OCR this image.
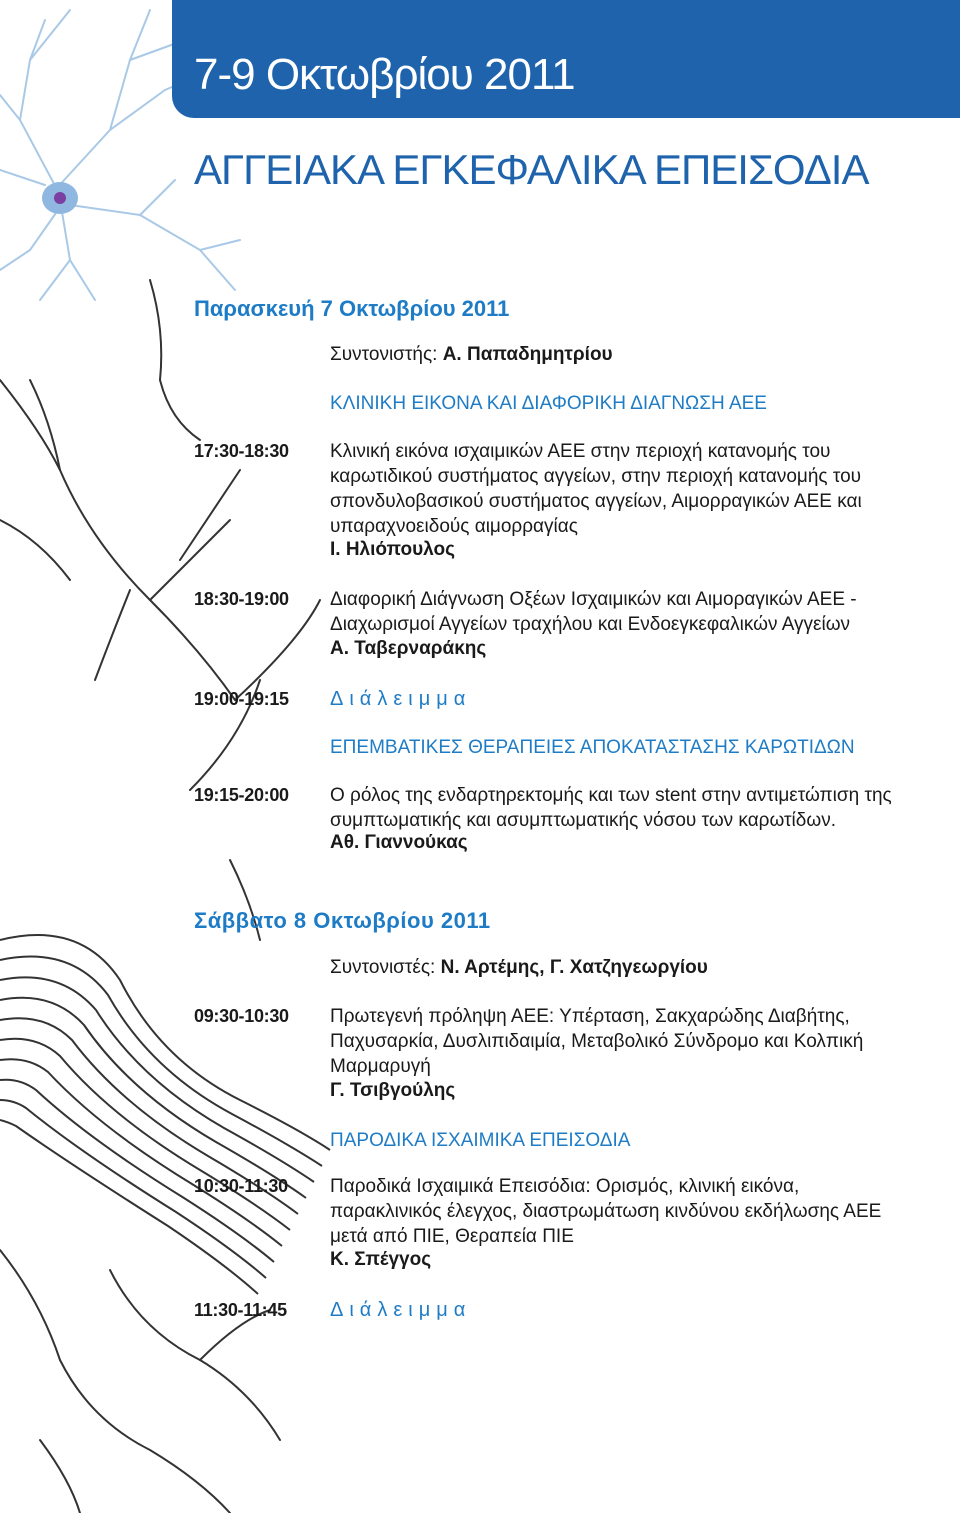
7-9 Οκτωβρίου 2011
ΑΓΓΕΙΑΚΑ ΕΓΚΕΦΑΛΙΚΑ ΕΠΕΙΣΟΔΙΑ
Παρασκευή 7 Οκτωβρίου 2011

Συντονιστής: Α. Παπαδημητρίου

ΚΛΙΝΙΚΗ ΕΙΚΟΝΑ ΚΑΙ ΔΙΑΦΟΡΙΚΗ ΔΙΑΓΝΩΣΗ ΑΕΕ

17:30-18:30 Κλινική εικόνα ισχαιμικών ΑΕΕ στην περιοχή κατανομής του
καρωτιδικού συστήματος αγγείων, στην περιοχή κατανομής του
σπονδυλοβασικού συστήματος αγγείων, Αιμορραγικών ΑΕΕ και
υπαραχνοειδούς αιμορραγίας

Ι. Ηλιόπουλος

18:30-19:00 Διαφορική Διάγνωση Οξέων Ισχαιμικών και Αιμοραγικών ΑΕΕ -
Διαχωρισμοί Αγγείων τραχήλου και Ενδοεγκεφαλικών Αγγείων

Α. Ταβερναράκης

19:00-19:15 Διάλειμμα

ΕΠΕΜΒΑΤΙΚΕΣ ΘΕΡΑΠΕΙΕΣ ΑΠΟΚΑΤΑΣΤΑΣΗΣ ΚΑΡΩΤΙΔΩΝ

19:15-20:00 Ο ρόλος της ενδαρτηρεκτομής και των stent στην αντιμετώπιση της
συμπτωματικής και ασυμπτωματικής νόσου των καρωτίδων.

Αθ. Γιαννούκας

Σάββατο 8 Οκτωβρίου 2011

Συντονιστές: Ν. Αρτέμης, Γ. Χατζηγεωργίου

09:30-10:30 Πρωτεγενή πρόληψη ΑΕΕ: Υπέρταση, Σακχαρώδης Διαβήτης,
Παχυσαρκία, Δυσλιπιδαιμία, Μεταβολικό Σύνδρομο και Κολπική
Μαρμαρυγή

Γ. Τσιβγούλης

ΠΑΡΟΔΙΚΑ ΙΣΧΑΙΜΙΚΑ ΕΠΕΙΣΟΔΙΑ

10:30-11:30 Παροδικά Ισχαιμικά Επεισόδια: Ορισμός, κλινική εικόνα,
παρακλινικός έλεγχος, διαστρωμάτωση κινδύνου εκδήλωσης ΑΕΕ
μετά από ΠΙΕ, Θεραπεία ΠΙΕ

Κ. Σπέγγος

11:30-11:45 Διάλειμμα
